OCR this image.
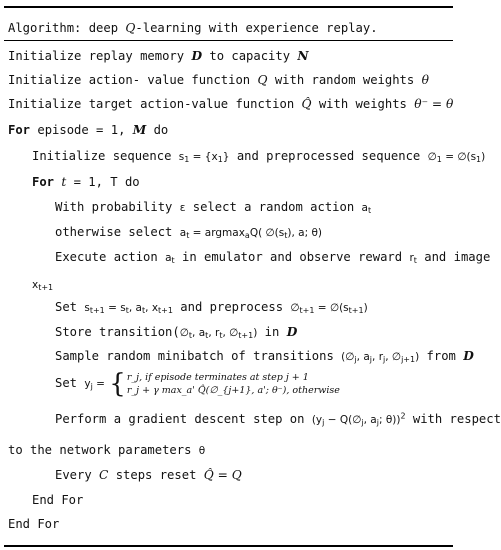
Algorithm: deep Q-learning with experience replay.
Initialize replay memory D to capacity N
Initialize action- value function Q with random weights θ
Initialize target action-value function Q̂ with weights θ⁻ = θ
For episode = 1, M do
Initialize sequence $s_1 = \{x_1\}$ and preprocessed sequence $\emptyset_1$ = $\emptyset(s_1)$
For t = 1, T do
With probability ε select a random action $a_t$
otherwise select $a_t = argmax_aQ$( $\emptyset(s_t)$, a; θ)
Execute action $a_t$ in emulator and observe reward $r_t$ and image
$x_{t+1}$
Set $s_{t+1} = s_t$, $a_t$, $x_{t+1}$ and preprocess $\emptyset_{t+1}$ = $\emptyset(s_{t+1})$
Store $transition(\emptyset_t$, $a_t$, $r_t$, $\emptyset_{t+1}$) in D
Sample random minibatch of transitions ($\emptyset_j$, $a_j$, $r_j$, $\emptyset_{j+1}$) from D
Set $y_j$ = {r_j, if episode terminates at step j + 1
r_j + γ max_a' Q̂(∅_{j+1}, a'; θ⁻), otherwise
Perform a gradient descent step on ($y_j$ − $Q(\emptyset_j$, $a_j$; θ))$^2$ with respect
to the network parameters θ
Every C steps reset Q̂ = Q
End For
End For
